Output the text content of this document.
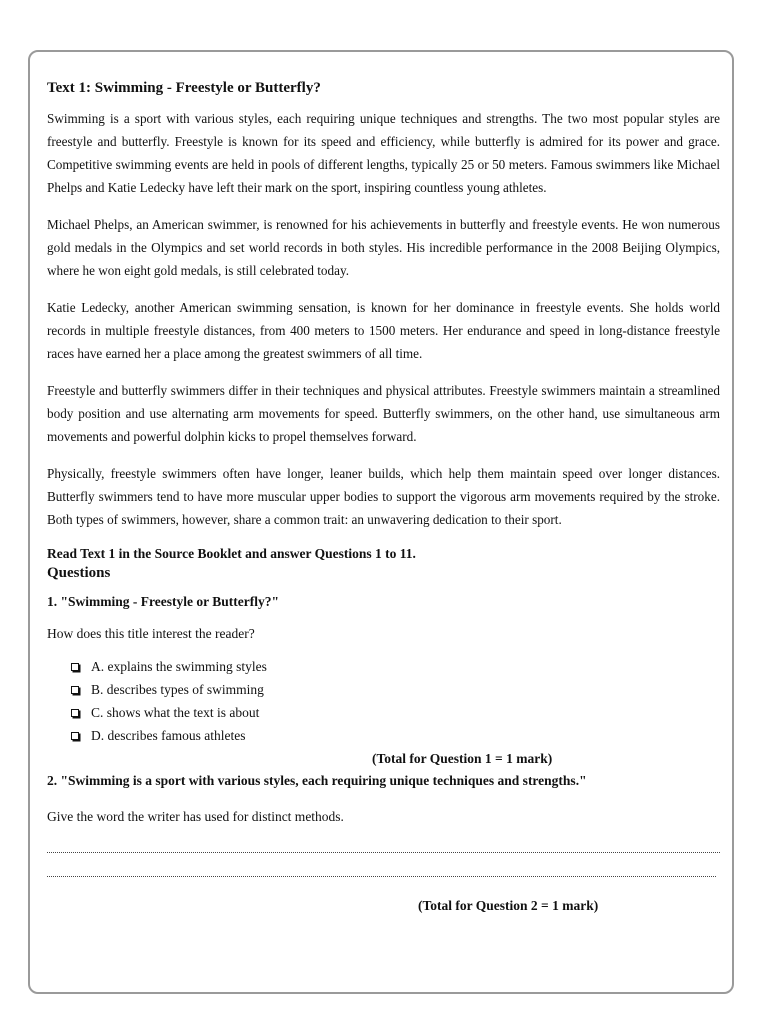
Text 1: Swimming - Freestyle or Butterfly?

Swimming is a sport with various styles, each requiring unique techniques and strengths. The two most popular styles are freestyle and butterfly. Freestyle is known for its speed and efficiency, while butterfly is admired for its power and grace. Competitive swimming events are held in pools of different lengths, typically 25 or 50 meters. Famous swimmers like Michael Phelps and Katie Ledecky have left their mark on the sport, inspiring countless young athletes.

Michael Phelps, an American swimmer, is renowned for his achievements in butterfly and freestyle events. He won numerous gold medals in the Olympics and set world records in both styles. His incredible performance in the 2008 Beijing Olympics, where he won eight gold medals, is still celebrated today.

Katie Ledecky, another American swimming sensation, is known for her dominance in freestyle events. She holds world records in multiple freestyle distances, from 400 meters to 1500 meters. Her endurance and speed in long-distance freestyle races have earned her a place among the greatest swimmers of all time.

Freestyle and butterfly swimmers differ in their techniques and physical attributes. Freestyle swimmers maintain a streamlined body position and use alternating arm movements for speed. Butterfly swimmers, on the other hand, use simultaneous arm movements and powerful dolphin kicks to propel themselves forward.

Physically, freestyle swimmers often have longer, leaner builds, which help them maintain speed over longer distances. Butterfly swimmers tend to have more muscular upper bodies to support the vigorous arm movements required by the stroke. Both types of swimmers, however, share a common trait: an unwavering dedication to their sport.

Read Text 1 in the Source Booklet and answer Questions 1 to 11.
Questions
1. "Swimming - Freestyle or Butterfly?"
How does this title interest the reader?
A. explains the swimming styles
B. describes types of swimming
C. shows what the text is about
D. describes famous athletes
(Total for Question 1 = 1 mark)
2. "Swimming is a sport with various styles, each requiring unique techniques and strengths."
Give the word the writer has used for distinct methods.
(Total for Question 2 = 1 mark)
